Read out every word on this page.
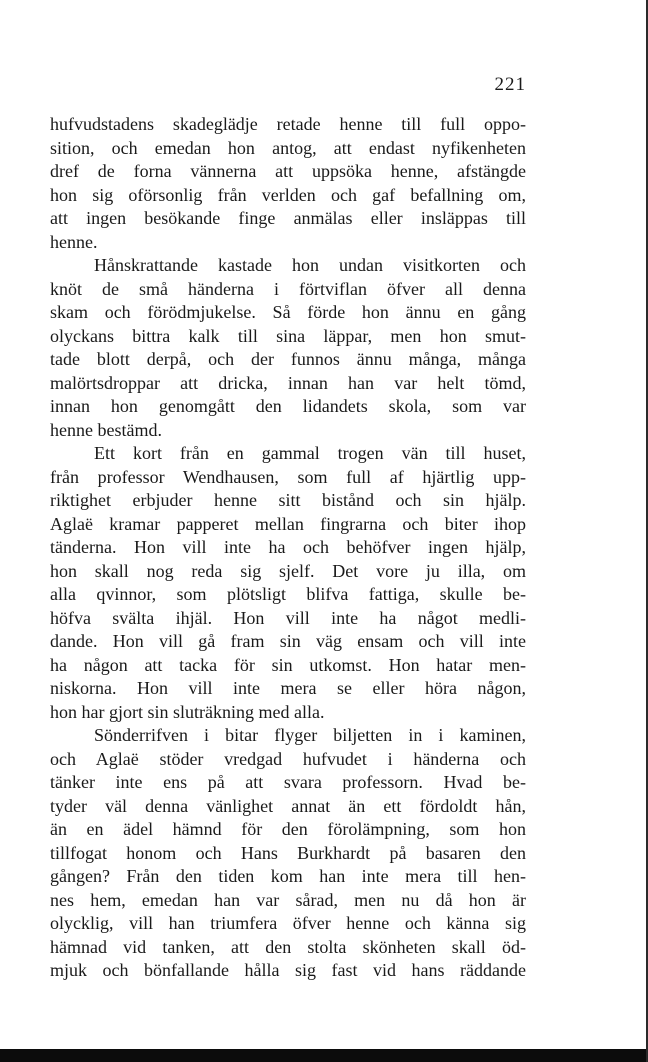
221
hufvudstadens skadeglädje retade henne till full oppo-
sition, och emedan hon antog, att endast nyfikenheten
dref de forna vännerna att uppsöka henne, afstängde
hon sig oförsonlig från verlden och gaf befallning om,
att ingen besökande finge anmälas eller insläppas till
henne.
Hånskrattande kastade hon undan visitkorten och
knöt de små händerna i förtviflan öfver all denna
skam och förödmjukelse. Så förde hon ännu en gång
olyckans bittra kalk till sina läppar, men hon smut-
tade blott derpå, och der funnos ännu många, många
malörtsdroppar att dricka, innan han var helt tömd,
innan hon genomgått den lidandets skola, som var
henne bestämd.
Ett kort från en gammal trogen vän till huset,
från professor Wendhausen, som full af hjärtlig upp-
riktighet erbjuder henne sitt bistånd och sin hjälp.
Aglaë kramar papperet mellan fingrarna och biter ihop
tänderna. Hon vill inte ha och behöfver ingen hjälp,
hon skall nog reda sig sjelf. Det vore ju illa, om
alla qvinnor, som plötsligt blifva fattiga, skulle be-
höfva svälta ihjäl. Hon vill inte ha något medli-
dande. Hon vill gå fram sin väg ensam och vill inte
ha någon att tacka för sin utkomst. Hon hatar men-
niskorna. Hon vill inte mera se eller höra någon,
hon har gjort sin sluträkning med alla.
Sönderrifven i bitar flyger biljetten in i kaminen,
och Aglaë stöder vredgad hufvudet i händerna och
tänker inte ens på att svara professorn. Hvad be-
tyder väl denna vänlighet annat än ett fördoldt hån,
än en ädel hämnd för den förolämpning, som hon
tillfogat honom och Hans Burkhardt på basaren den
gången? Från den tiden kom han inte mera till hen-
nes hem, emedan han var sårad, men nu då hon är
olycklig, vill han triumfera öfver henne och känna sig
hämnad vid tanken, att den stolta skönheten skall öd-
mjuk och bönfallande hålla sig fast vid hans räddande
